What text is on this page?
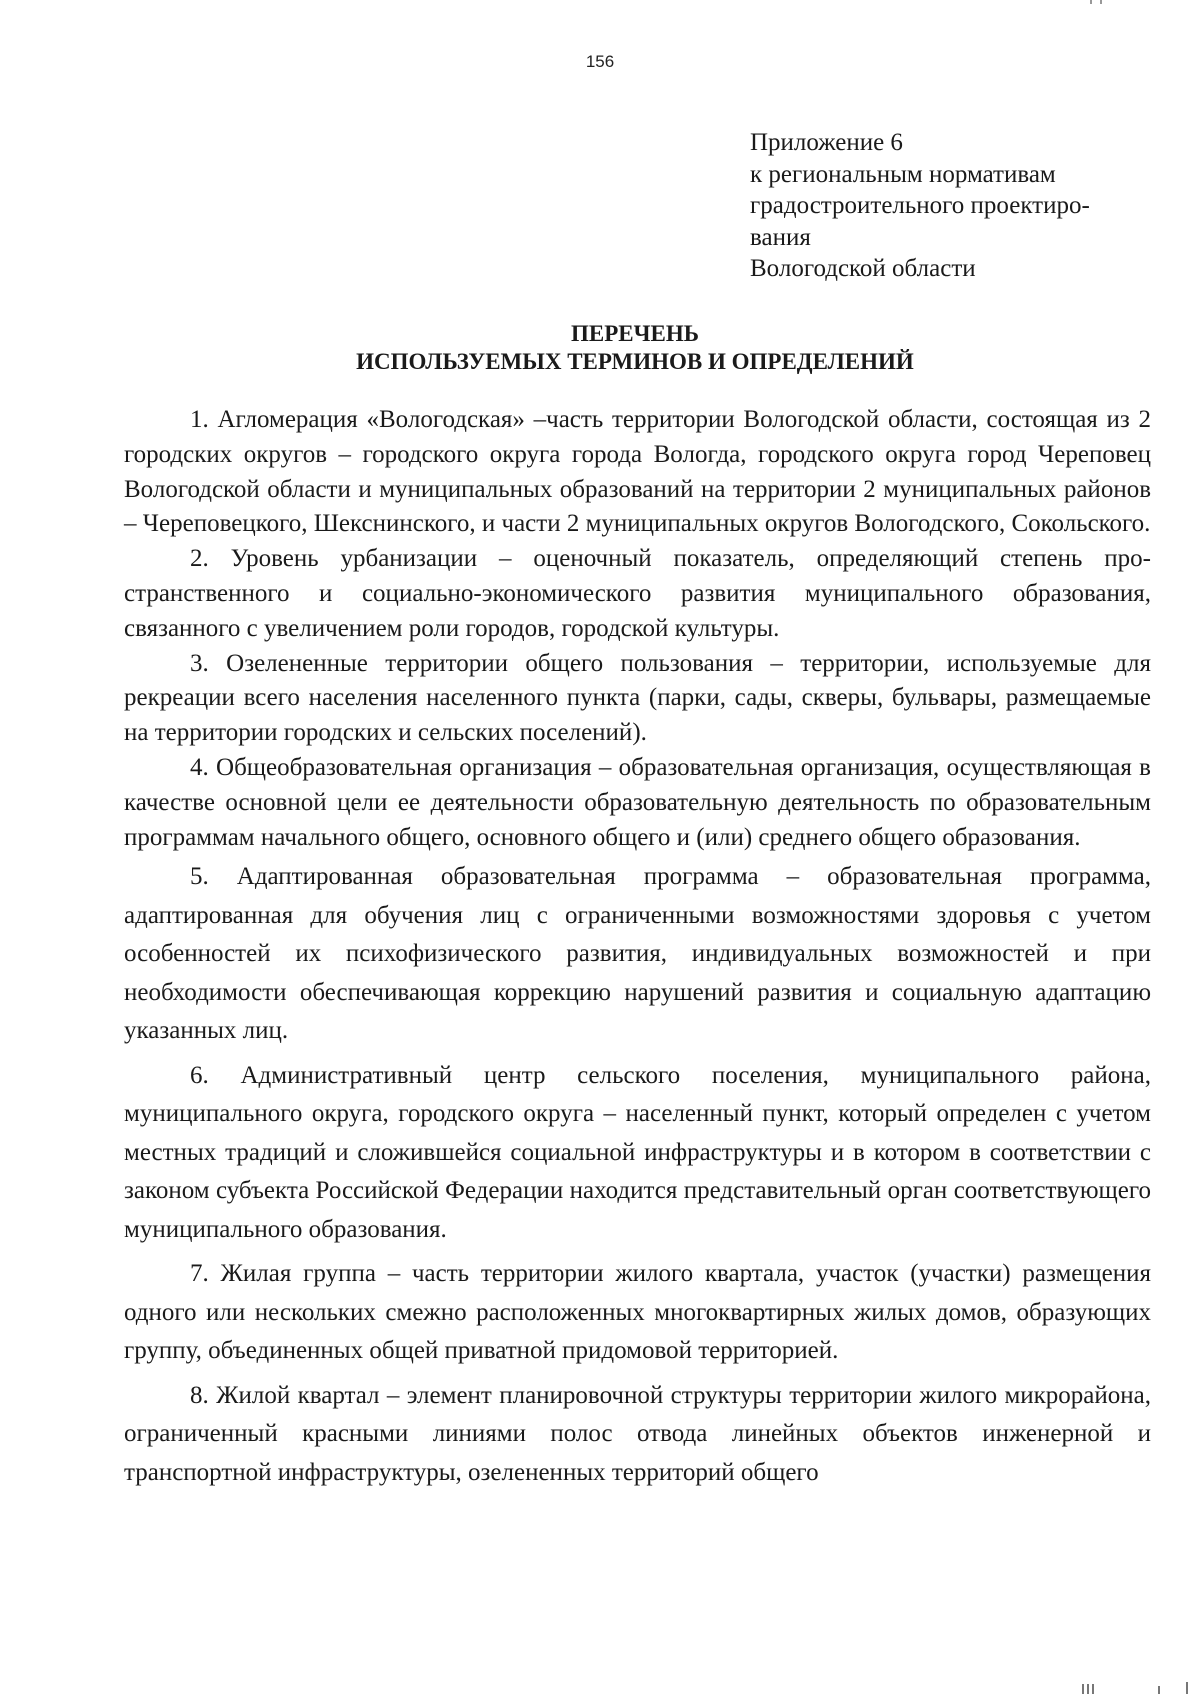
156
Приложение 6
к региональным нормативам
градостроительного проектиро-
вания
Вологодской области
ПЕРЕЧЕНЬ
ИСПОЛЬЗУЕМЫХ ТЕРМИНОВ И ОПРЕДЕЛЕНИЙ

1. Агломерация «Вологодская» –часть территории Вологодской области, состоящая из 2 городских округов – городского округа города Вологда, городского округа город Череповец Вологодской области и муниципальных образований на территории 2 муниципальных районов – Череповецкого, Шекснинского, и части 2 муниципальных округов Вологодского, Сокольского.

2. Уровень урбанизации – оценочный показатель, определяющий степень пространственного и социально-экономического развития муниципального образования, связанного с увеличением роли городов, городской культуры.

3. Озелененные территории общего пользования – территории, используемые для рекреации всего населения населенного пункта (парки, сады, скверы, бульвары, размещаемые на территории городских и сельских поселений).

4. Общеобразовательная организация – образовательная организация, осуществляющая в качестве основной цели ее деятельности образовательную деятельность по образовательным программам начального общего, основного общего и (или) среднего общего образования.

5. Адаптированная образовательная программа – образовательная программа, адаптированная для обучения лиц с ограниченными возможностями здоровья с учетом особенностей их психофизического развития, индивидуальных возможностей и при необходимости обеспечивающая коррекцию нарушений развития и социальную адаптацию указанных лиц.

6. Административный центр сельского поселения, муниципального района, муниципального округа, городского округа – населенный пункт, который определен с учетом местных традиций и сложившейся социальной инфраструктуры и в котором в соответствии с законом субъекта Российской Федерации находится представительный орган соответствующего муниципального образования.

7. Жилая группа – часть территории жилого квартала, участок (участки) размещения одного или нескольких смежно расположенных многоквартирных жилых домов, образующих группу, объединенных общей приватной придомовой территорией.

8. Жилой квартал – элемент планировочной структуры территории жилого микрорайона, ограниченный красными линиями полос отвода линейных объектов инженерной и транспортной инфраструктуры, озелененных территорий общего
